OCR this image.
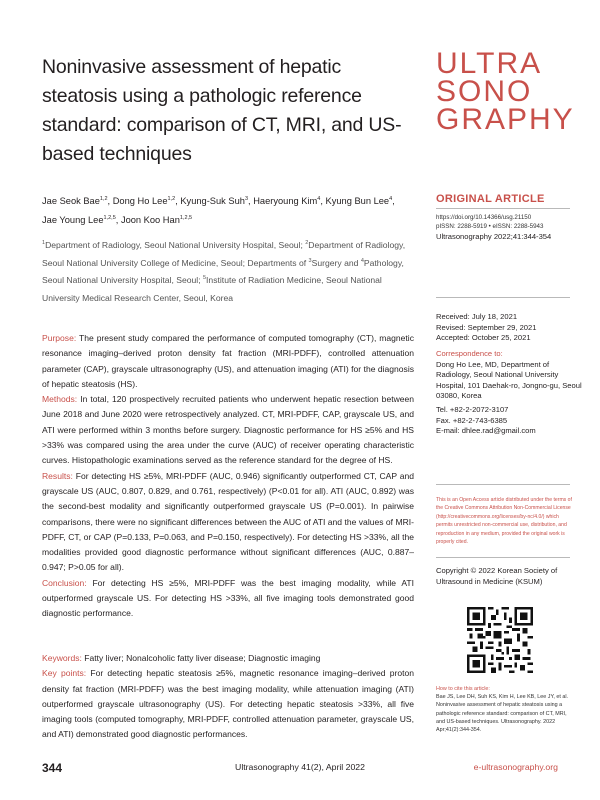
Noninvasive assessment of hepatic steatosis using a pathologic reference standard: comparison of CT, MRI, and US-based techniques
ULTRA
SONO
GRAPHY
ORIGINAL ARTICLE
https://doi.org/10.14366/usg.21150
pISSN: 2288-5919 • eISSN: 2288-5943
Ultrasonography 2022;41:344-354
Jae Seok Bae$^{1,2}$, Dong Ho Lee$^{1,2}$, Kyung-Suk Suh$^3$, Haeryoung Kim$^4$, Kyung Bun Lee$^4$,
Jae Young Lee$^{1,2,5}$, Joon Koo Han$^{1,2,5}$
$^1$Department of Radiology, Seoul National University Hospital, Seoul; $^2$Department of Radiology, Seoul National University College of Medicine, Seoul; Departments of $^3$Surgery and $^4$Pathology, Seoul National University Hospital, Seoul; $^5$Institute of Radiation Medicine, Seoul National University Medical Research Center, Seoul, Korea
Received: July 18, 2021
Revised: September 29, 2021
Accepted: October 25, 2021
Correspondence to:
Dong Ho Lee, MD, Department of Radiology, Seoul National University Hospital, 101 Daehak-ro, Jongno-gu, Seoul 03080, Korea
Tel. +82-2-2072-3107
Fax. +82-2-743-6385
E-mail: dhlee.rad@gmail.com

Purpose: The present study compared the performance of computed tomography (CT), magnetic resonance imaging–derived proton density fat fraction (MRI-PDFF), controlled attenuation parameter (CAP), grayscale ultrasonography (US), and attenuation imaging (ATI) for the diagnosis of hepatic steatosis (HS).

Methods: In total, 120 prospectively recruited patients who underwent hepatic resection between June 2018 and June 2020 were retrospectively analyzed. CT, MRI-PDFF, CAP, grayscale US, and ATI were performed within 3 months before surgery. Diagnostic performance for HS ≥5% and HS >33% was compared using the area under the curve (AUC) of receiver operating characteristic curves. Histopathologic examinations served as the reference standard for the degree of HS.

Results: For detecting HS ≥5%, MRI-PDFF (AUC, 0.946) significantly outperformed CT, CAP and grayscale US (AUC, 0.807, 0.829, and 0.761, respectively) (P<0.01 for all). ATI (AUC, 0.892) was the second-best modality and significantly outperformed grayscale US (P=0.001). In pairwise comparisons, there were no significant differences between the AUC of ATI and the values of MRI-PDFF, CT, or CAP (P=0.133, P=0.063, and P=0.150, respectively). For detecting HS >33%, all the modalities provided good diagnostic performance without significant differences (AUC, 0.887–0.947; P>0.05 for all).

Conclusion: For detecting HS ≥5%, MRI-PDFF was the best imaging modality, while ATI outperformed grayscale US. For detecting HS >33%, all five imaging tools demonstrated good diagnostic performance.

Keywords: Fatty liver; Nonalcoholic fatty liver disease; Diagnostic imaging

Key points: For detecting hepatic steatosis ≥5%, magnetic resonance imaging–derived proton density fat fraction (MRI-PDFF) was the best imaging modality, while attenuation imaging (ATI) outperformed grayscale ultrasonography (US). For detecting hepatic steatosis >33%, all five imaging tools (computed tomography, MRI-PDFF, controlled attenuation parameter, grayscale US, and ATI) demonstrated good diagnostic performances.

This is an Open Access article distributed under the terms of the Creative Commons Attribution Non-Commercial License (http://creativecommons.org/licenses/by-nc/4.0/) which permits unrestricted non-commercial use, distribution, and reproduction in any medium, provided the original work is properly cited.
Copyright © 2022 Korean Society of Ultrasound in Medicine (KSUM)
How to cite this article:
Bae JS, Lee DH, Suh KS, Kim H, Lee KB, Lee JY, et al. Noninvasive assessment of hepatic steatosis using a pathologic reference standard: comparison of CT, MRI, and US-based techniques. Ultrasonography. 2022 Apr;41(2):344-354.
344	Ultrasonography 41(2), April 2022	e-ultrasonography.org
